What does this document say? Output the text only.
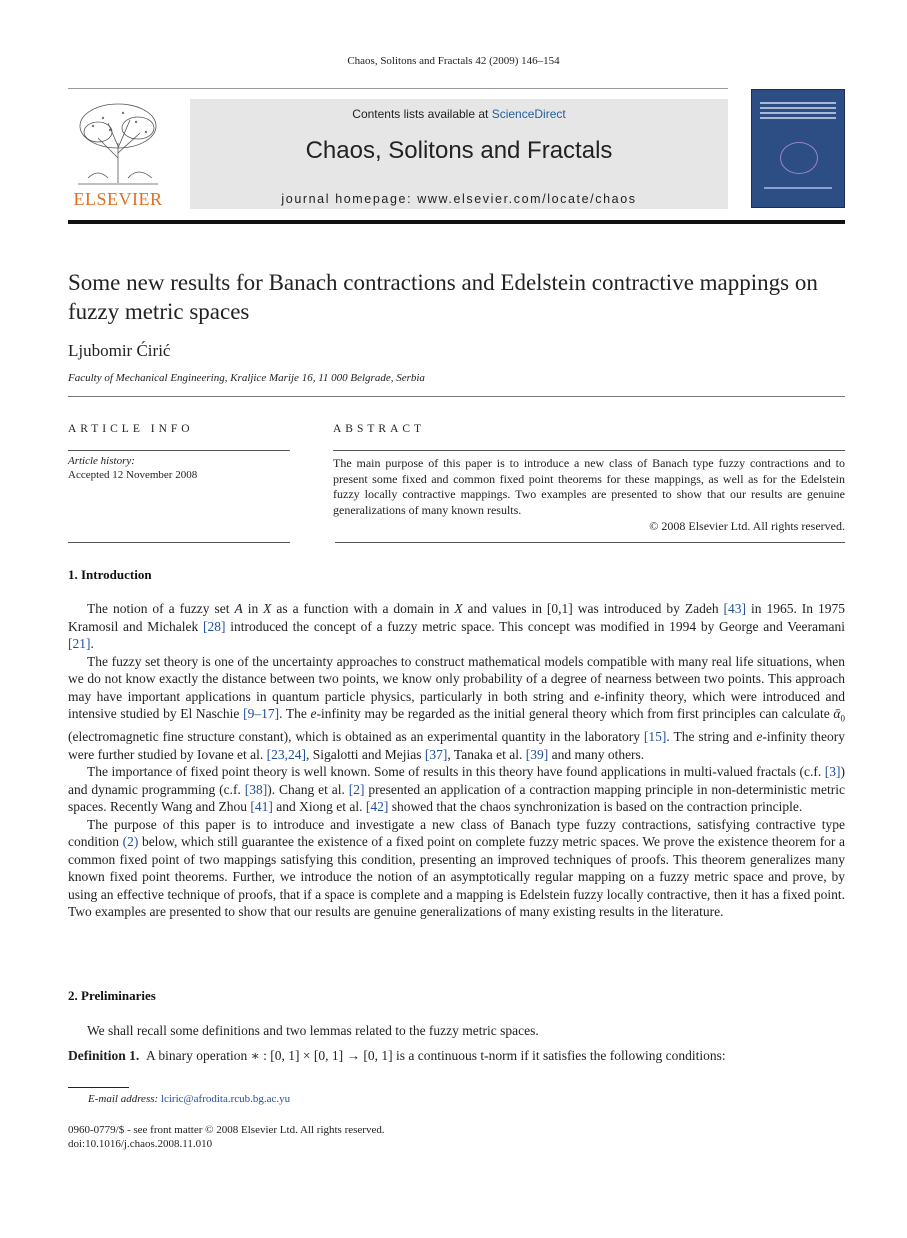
Chaos, Solitons and Fractals 42 (2009) 146–154
ELSEVIER
Contents lists available at ScienceDirect
Chaos, Solitons and Fractals
journal homepage: www.elsevier.com/locate/chaos
Some new results for Banach contractions and Edelstein contractive mappings on fuzzy metric spaces
Ljubomir Ćirić
Faculty of Mechanical Engineering, Kraljice Marije 16, 11 000 Belgrade, Serbia
ARTICLE INFO
Article history:
Accepted 12 November 2008
ABSTRACT
The main purpose of this paper is to introduce a new class of Banach type fuzzy contractions and to present some fixed and common fixed point theorems for these mappings, as well as for the Edelstein fuzzy locally contractive mappings. Two examples are presented to show that our results are genuine generalizations of many known results.
© 2008 Elsevier Ltd. All rights reserved.
1. Introduction

The notion of a fuzzy set A in X as a function with a domain in X and values in [0,1] was introduced by Zadeh [43] in 1965. In 1975 Kramosil and Michalek [28] introduced the concept of a fuzzy metric space. This concept was modified in 1994 by George and Veeramani [21].

The fuzzy set theory is one of the uncertainty approaches to construct mathematical models compatible with many real life situations, when we do not know exactly the distance between two points, we know only probability of a degree of nearness between two points. This approach may have important applications in quantum particle physics, particularly in both string and e-infinity theory, which were introduced and intensive studied by El Naschie [9–17]. The e-infinity may be regarded as the initial general theory which from first principles can calculate ᾱ$_0$ (electromagnetic fine structure constant), which is obtained as an experimental quantity in the laboratory [15]. The string and e-infinity theory were further studied by Iovane et al. [23,24], Sigalotti and Mejias [37], Tanaka et al. [39] and many others.

The importance of fixed point theory is well known. Some of results in this theory have found applications in multi-valued fractals (c.f. [3]) and dynamic programming (c.f. [38]). Chang et al. [2] presented an application of a contraction mapping principle in non-deterministic metric spaces. Recently Wang and Zhou [41] and Xiong et al. [42] showed that the chaos synchronization is based on the contraction principle.

The purpose of this paper is to introduce and investigate a new class of Banach type fuzzy contractions, satisfying contractive type condition (2) below, which still guarantee the existence of a fixed point on complete fuzzy metric spaces. We prove the existence theorem for a common fixed point of two mappings satisfying this condition, presenting an improved techniques of proofs. This theorem generalizes many known fixed point theorems. Further, we introduce the notion of an asymptotically regular mapping on a fuzzy metric space and prove, by using an effective technique of proofs, that if a space is complete and a mapping is Edelstein fuzzy locally contractive, then it has a fixed point. Two examples are presented to show that our results are genuine generalizations of many existing results in the literature.

2. Preliminaries

We shall recall some definitions and two lemmas related to the fuzzy metric spaces.

Definition 1. A binary operation ∗ : [0, 1] × [0, 1] → [0, 1] is a continuous t-norm if it satisfies the following conditions:
E-mail address: lciric@afrodita.rcub.bg.ac.yu
0960-0779/$ - see front matter © 2008 Elsevier Ltd. All rights reserved.
doi:10.1016/j.chaos.2008.11.010
